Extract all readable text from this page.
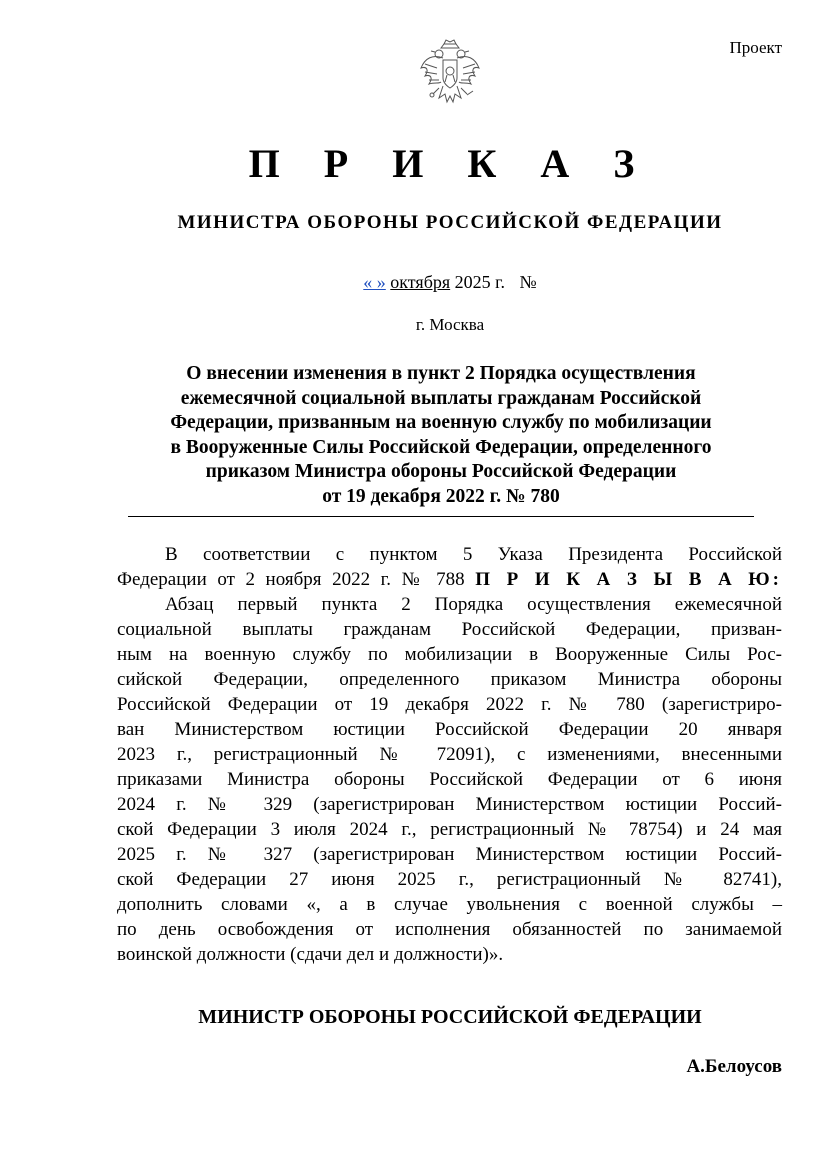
Проект
П Р И К А З
МИНИСТРА ОБОРОНЫ РОССИЙСКОЙ ФЕДЕРАЦИИ
« » октября 2025 г. №
г. Москва
О внесении изменения в пункт 2 Порядка осуществления
ежемесячной социальной выплаты гражданам Российской
Федерации, призванным на военную службу по мобилизации
в Вооруженные Силы Российской Федерации, определенного
приказом Министра обороны Российской Федерации
от 19 декабря 2022 г. № 780
В соответствии с пунктом 5 Указа Президента Российской
Федерации от 2 ноября 2022 г. № 788 П Р И К А З Ы В А Ю:
Абзац первый пункта 2 Порядка осуществления ежемесячной
социальной выплаты гражданам Российской Федерации, призван-
ным на военную службу по мобилизации в Вооруженные Силы Рос-
сийской Федерации, определенного приказом Министра обороны
Российской Федерации от 19 декабря 2022 г. № 780 (зарегистриро-
ван Министерством юстиции Российской Федерации 20 января
2023 г., регистрационный № 72091), с изменениями, внесенными
приказами Министра обороны Российской Федерации от 6 июня
2024 г. № 329 (зарегистрирован Министерством юстиции Россий-
ской Федерации 3 июля 2024 г., регистрационный № 78754) и 24 мая
2025 г. № 327 (зарегистрирован Министерством юстиции Россий-
ской Федерации 27 июня 2025 г., регистрационный № 82741),
дополнить словами «, а в случае увольнения с военной службы –
по день освобождения от исполнения обязанностей по занимаемой
воинской должности (сдачи дел и должности)».
МИНИСТР ОБОРОНЫ РОССИЙСКОЙ ФЕДЕРАЦИИ
А.Белоусов
